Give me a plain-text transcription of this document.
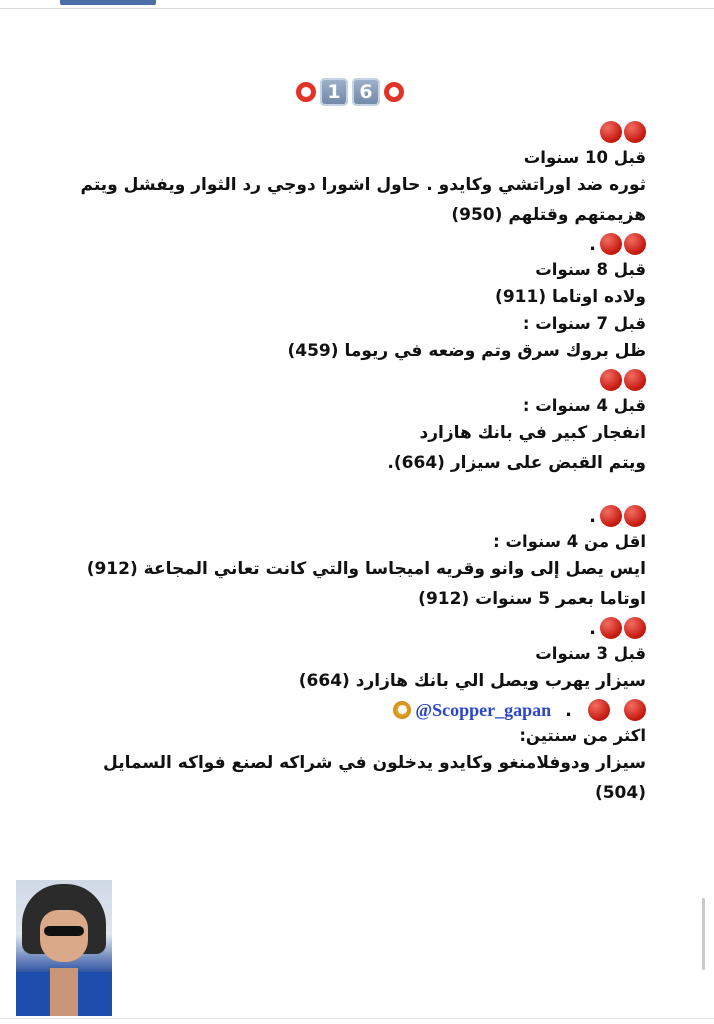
1 6
قبل 10 سنوات
ثوره ضد اوراتشي وكايدو . حاول اشورا دوجي رد الثوار ويفشل ويتم
هزيمتهم وقتلهم (950)
.
قبل 8 سنوات
ولاده اوتاما (911)
قبل 7 سنوات :
ظل بروك سرق وتم وضعه في ريوما (459)
قبل 4 سنوات :
انفجار كبير في بانك هازارد
ويتم القبض على سيزار (664).
.
اقل من 4 سنوات :
ايس يصل إلى وانو وقريه اميجاسا والتي كانت تعاني المجاعة (912)
اوتاما بعمر 5 سنوات (912)
.
قبل 3 سنوات
سيزار يهرب ويصل الي بانك هازارد (664)
.
✺ @Scopper_gapan
اكثر من سنتين:
سيزار ودوفلامنغو وكايدو يدخلون في شراكه لصنع فواكه السمايل (504)
